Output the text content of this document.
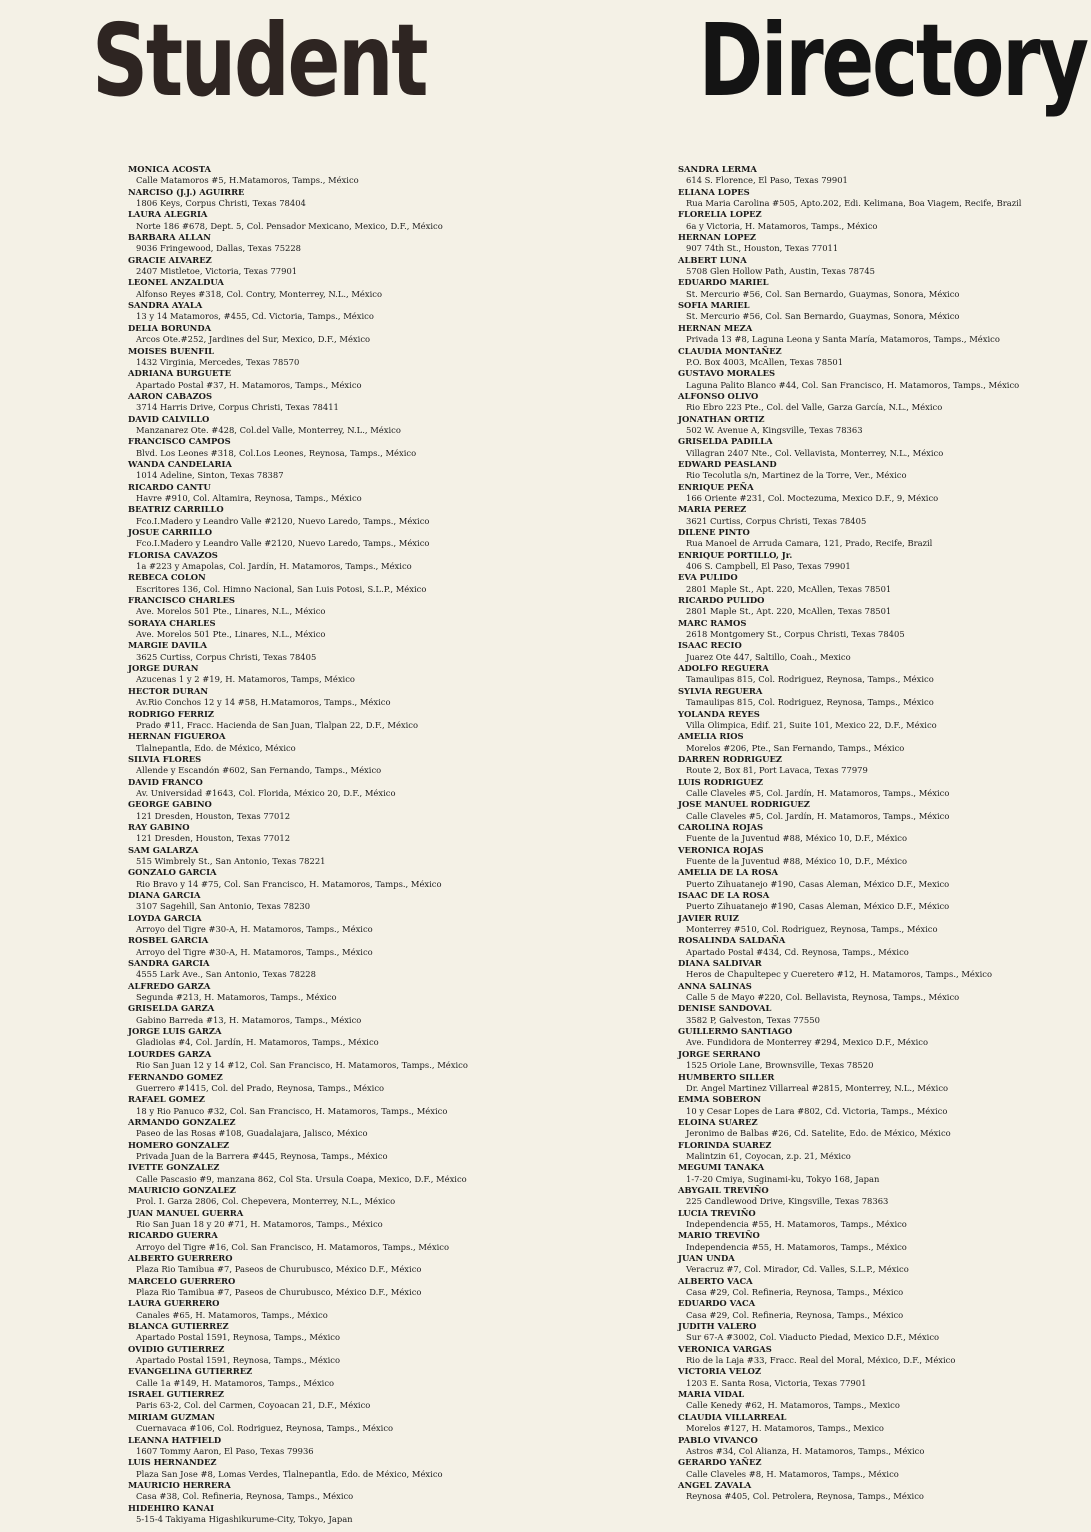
Student	Directory
MONICA ACOSTA
Calle Matamoros #5, H.Matamoros, Tamps., México
NARCISO (J.J.) AGUIRRE
1806 Keys, Corpus Christi, Texas 78404
LAURA ALEGRIA
Norte 186 #678, Dept. 5, Col. Pensador Mexicano, Mexico, D.F., México
BARBARA ALLAN
9036 Fringewood, Dallas, Texas 75228
GRACIE ALVAREZ
2407 Mistletoe, Victoria, Texas 77901
LEONEL ANZALDUA
Alfonso Reyes #318, Col. Contry, Monterrey, N.L., México
SANDRA AYALA
13 y 14 Matamoros, #455, Cd. Victoria, Tamps., México
DELIA BORUNDA
Arcos Ote.#252, Jardines del Sur, Mexico, D.F., México
MOISES BUENFIL
1432 Virginia, Mercedes, Texas 78570
ADRIANA BURGUETE
Apartado Postal #37, H. Matamoros, Tamps., México
AARON CABAZOS
3714 Harris Drive, Corpus Christi, Texas 78411
DAVID CALVILLO
Manzanarez Ote. #428, Col.del Valle, Monterrey, N.L., México
FRANCISCO CAMPOS
Blvd. Los Leones #318, Col.Los Leones, Reynosa, Tamps., México
WANDA CANDELARIA
1014 Adeline, Sinton, Texas 78387
RICARDO CANTU
Havre #910, Col. Altamira, Reynosa, Tamps., México
BEATRIZ CARRILLO
Fco.I.Madero y Leandro Valle #2120, Nuevo Laredo, Tamps., México
JOSUE CARRILLO
Fco.I.Madero y Leandro Valle #2120, Nuevo Laredo, Tamps., México
FLORISA CAVAZOS
1a #223 y Amapolas, Col. Jardín, H. Matamoros, Tamps., México
REBECA COLON
Escritores 136, Col. Himno Nacional, San Luis Potosi, S.L.P., México
FRANCISCO CHARLES
Ave. Morelos 501 Pte., Linares, N.L., México
SORAYA CHARLES
Ave. Morelos 501 Pte., Linares, N.L., México
MARGIE DAVILA
3625 Curtiss, Corpus Christi, Texas 78405
JORGE DURAN
Azucenas 1 y 2 #19, H. Matamoros, Tamps, México
HECTOR DURAN
Av.Rio Conchos 12 y 14 #58, H.Matamoros, Tamps., México
RODRIGO FERRIZ
Prado #11, Fracc. Hacienda de San Juan, Tlalpan 22, D.F., México
HERNAN FIGUEROA
Tlalnepantla, Edo. de México, México
SILVIA FLORES
Allende y Escandón #602, San Fernando, Tamps., México
DAVID FRANCO
Av. Universidad #1643, Col. Florida, México 20, D.F., México
GEORGE GABINO
121 Dresden, Houston, Texas 77012
RAY GABINO
121 Dresden, Houston, Texas 77012
SAM GALARZA
515 Wimbrely St., San Antonio, Texas 78221
GONZALO GARCIA
Rio Bravo y 14 #75, Col. San Francisco, H. Matamoros, Tamps., México
DIANA GARCIA
3107 Sagehill, San Antonio, Texas 78230
LOYDA GARCIA
Arroyo del Tigre #30-A, H. Matamoros, Tamps., México
ROSBEL GARCIA
Arroyo del Tigre #30-A, H. Matamoros, Tamps., México
SANDRA GARCIA
4555 Lark Ave., San Antonio, Texas 78228
ALFREDO GARZA
Segunda #213, H. Matamoros, Tamps., México
GRISELDA GARZA
Gabino Barreda #13, H. Matamoros, Tamps., México
JORGE LUIS GARZA
Gladiolas #4, Col. Jardín, H. Matamoros, Tamps., México
LOURDES GARZA
Rio San Juan 12 y 14 #12, Col. San Francisco, H. Matamoros, Tamps., México
FERNANDO GOMEZ
Guerrero #1415, Col. del Prado, Reynosa, Tamps., México
RAFAEL GOMEZ
18 y Rio Panuco #32, Col. San Francisco, H. Matamoros, Tamps., México
ARMANDO GONZALEZ
Paseo de las Rosas #108, Guadalajara, Jalisco, México
HOMERO GONZALEZ
Privada Juan de la Barrera #445, Reynosa, Tamps., México
IVETTE GONZALEZ
Calle Pascasio #9, manzana 862, Col Sta. Ursula Coapa, Mexico, D.F., México
MAURICIO GONZALEZ
Prol. I. Garza 2806, Col. Chepevera, Monterrey, N.L., México
JUAN MANUEL GUERRA
Rio San Juan 18 y 20 #71, H. Matamoros, Tamps., México
RICARDO GUERRA
Arroyo del Tigre #16, Col. San Francisco, H. Matamoros, Tamps., México
ALBERTO GUERRERO
Plaza Rio Tamibua #7, Paseos de Churubusco, México D.F., México
MARCELO GUERRERO
Plaza Rio Tamibua #7, Paseos de Churubusco, México D.F., México
LAURA GUERRERO
Canales #65, H. Matamoros, Tamps., México
BLANCA GUTIERREZ
Apartado Postal 1591, Reynosa, Tamps., México
OVIDIO GUTIERREZ
Apartado Postal 1591, Reynosa, Tamps., México
EVANGELINA GUTIERREZ
Calle 1a #149, H. Matamoros, Tamps., México
ISRAEL GUTIERREZ
Paris 63-2, Col. del Carmen, Coyoacan 21, D.F., México
MIRIAM GUZMAN
Cuernavaca #106, Col. Rodriguez, Reynosa, Tamps., México
LEANNA HATFIELD
1607 Tommy Aaron, El Paso, Texas 79936
LUIS HERNANDEZ
Plaza San Jose #8, Lomas Verdes, Tlalnepantla, Edo. de México, México
MAURICIO HERRERA
Casa #38, Col. Refineria, Reynosa, Tamps., México
HIDEHIRO KANAI
5-15-4 Takiyama Higashikurume-City, Tokyo, Japan
SANDRA LERMA
614 S. Florence, El Paso, Texas 79901
ELIANA LOPES
Rua Maria Carolina #505, Apto.202, Edi. Kelimana, Boa Viagem, Recife, Brazil
FLORELIA LOPEZ
6a y Victoria, H. Matamoros, Tamps., México
HERNAN LOPEZ
907 74th St., Houston, Texas 77011
ALBERT LUNA
5708 Glen Hollow Path, Austin, Texas 78745
EDUARDO MARIEL
St. Mercurio #56, Col. San Bernardo, Guaymas, Sonora, México
SOFIA MARIEL
St. Mercurio #56, Col. San Bernardo, Guaymas, Sonora, México
HERNAN MEZA
Privada 13 #8, Laguna Leona y Santa María, Matamoros, Tamps., México
CLAUDIA MONTAÑEZ
P.O. Box 4003, McAllen, Texas 78501
GUSTAVO MORALES
Laguna Palito Blanco #44, Col. San Francisco, H. Matamoros, Tamps., México
ALFONSO OLIVO
Rio Ebro 223 Pte., Col. del Valle, Garza García, N.L., México
JONATHAN ORTIZ
502 W. Avenue A, Kingsville, Texas 78363
GRISELDA PADILLA
Villagran 2407 Nte., Col. Vellavista, Monterrey, N.L., México
EDWARD PEASLAND
Rio Tecolutla s/n, Martinez de la Torre, Ver., México
ENRIQUE PEÑA
166 Oriente #231, Col. Moctezuma, Mexico D.F., 9, México
MARIA PEREZ
3621 Curtiss, Corpus Christi, Texas 78405
DILENE PINTO
Rua Manoel de Arruda Camara, 121, Prado, Recife, Brazil
ENRIQUE PORTILLO, Jr.
406 S. Campbell, El Paso, Texas 79901
EVA PULIDO
2801 Maple St., Apt. 220, McAllen, Texas 78501
RICARDO PULIDO
2801 Maple St., Apt. 220, McAllen, Texas 78501
MARC RAMOS
2618 Montgomery St., Corpus Christi, Texas 78405
ISAAC RECIO
Juarez Ote 447, Saltillo, Coah., Mexico
ADOLFO REGUERA
Tamaulipas 815, Col. Rodriguez, Reynosa, Tamps., México
SYLVIA REGUERA
Tamaulipas 815, Col. Rodriguez, Reynosa, Tamps., México
YOLANDA REYES
Villa Olimpica, Edif. 21, Suite 101, Mexico 22, D.F., México
AMELIA RIOS
Morelos #206, Pte., San Fernando, Tamps., México
DARREN RODRIGUEZ
Route 2, Box 81, Port Lavaca, Texas 77979
LUIS RODRIGUEZ
Calle Claveles #5, Col. Jardín, H. Matamoros, Tamps., México
JOSE MANUEL RODRIGUEZ
Calle Claveles #5, Col. Jardín, H. Matamoros, Tamps., México
CAROLINA ROJAS
Fuente de la Juventud #88, México 10, D.F., México
VERONICA ROJAS
Fuente de la Juventud #88, México 10, D.F., México
AMELIA DE LA ROSA
Puerto Zihuatanejo #190, Casas Aleman, México D.F., Mexico
ISAAC DE LA ROSA
Puerto Zihuatanejo #190, Casas Aleman, México D.F., México
JAVIER RUIZ
Monterrey #510, Col. Rodriguez, Reynosa, Tamps., México
ROSALINDA SALDAÑA
Apartado Postal #434, Cd. Reynosa, Tamps., México
DIANA SALDIVAR
Heros de Chapultepec y Cueretero #12, H. Matamoros, Tamps., México
ANNA SALINAS
Calle 5 de Mayo #220, Col. Bellavista, Reynosa, Tamps., México
DENISE SANDOVAL
3582 P, Galveston, Texas 77550
GUILLERMO SANTIAGO
Ave. Fundidora de Monterrey #294, Mexico D.F., México
JORGE SERRANO
1525 Oriole Lane, Brownsville, Texas 78520
HUMBERTO SILLER
Dr. Angel Martinez Villarreal #2815, Monterrey, N.L., México
EMMA SOBERON
10 y Cesar Lopes de Lara #802, Cd. Victoria, Tamps., México
ELOINA SUAREZ
Jeronimo de Balbas #26, Cd. Satelite, Edo. de México, México
FLORINDA SUAREZ
Malintzin 61, Coyocan, z.p. 21, México
MEGUMI TANAKA
1-7-20 Cmiya, Suginami-ku, Tokyo 168, Japan
ABYGAIL TREVIÑO
225 Candlewood Drive, Kingsville, Texas 78363
LUCIA TREVIÑO
Independencia #55, H. Matamoros, Tamps., México
MARIO TREVIÑO
Independencia #55, H. Matamoros, Tamps., México
JUAN UNDA
Veracruz #7, Col. Mirador, Cd. Valles, S.L.P., México
ALBERTO VACA
Casa #29, Col. Refineria, Reynosa, Tamps., México
EDUARDO VACA
Casa #29, Col. Refineria, Reynosa, Tamps., México
JUDITH VALERO
Sur 67-A #3002, Col. Viaducto Piedad, Mexico D.F., México
VERONICA VARGAS
Rio de la Laja #33, Fracc. Real del Moral, México, D.F., México
VICTORIA VELOZ
1203 E. Santa Rosa, Victoria, Texas 77901
MARIA VIDAL
Calle Kenedy #62, H. Matamoros, Tamps., Mexico
CLAUDIA VILLARREAL
Morelos #127, H. Matamoros, Tamps., Mexico
PABLO VIVANCO
Astros #34, Col Alianza, H. Matamoros, Tamps., México
GERARDO YAÑEZ
Calle Claveles #8, H. Matamoros, Tamps., México
ANGEL ZAVALA
Reynosa #405, Col. Petrolera, Reynosa, Tamps., México
